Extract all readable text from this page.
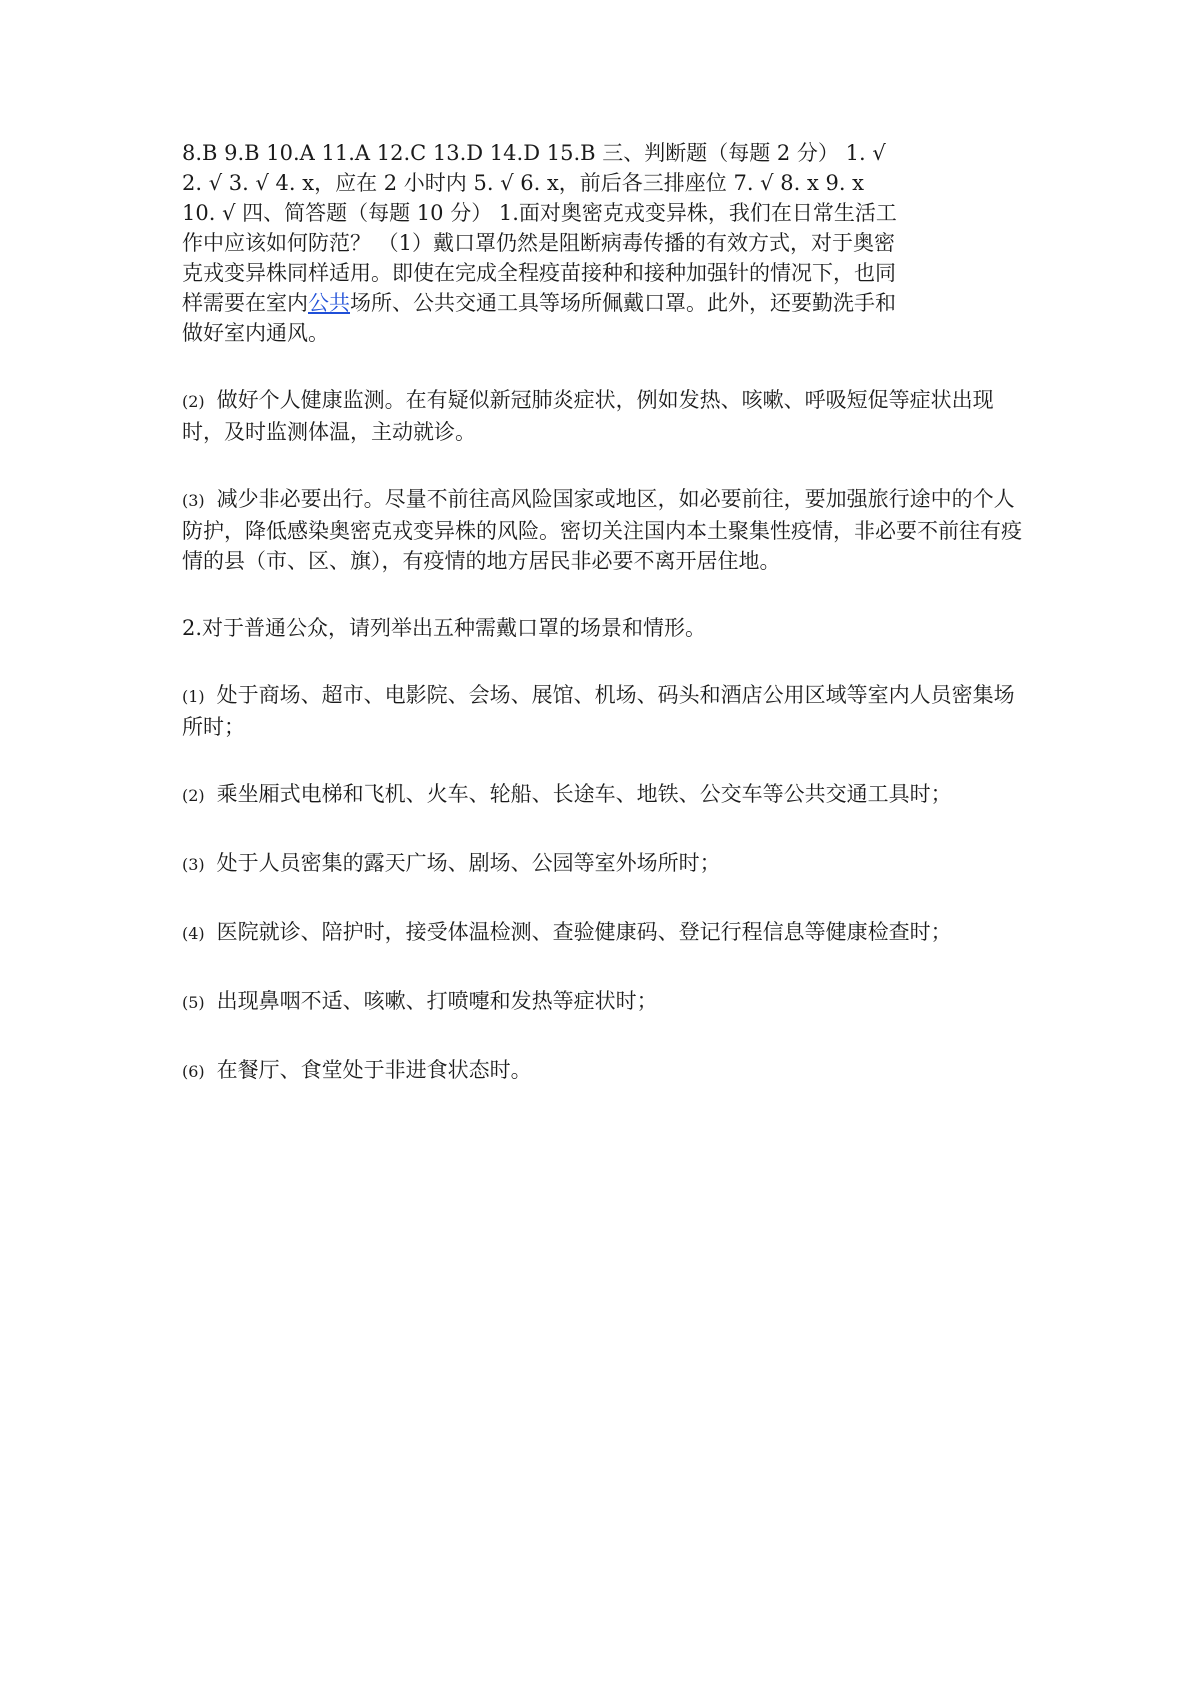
8.B 9.B 10.A 11.A 12.C 13.D 14.D 15.B 三、判断题（每题 2 分） 1. √
2. √ 3. √ 4. x，应在 2 小时内 5. √ 6. x，前后各三排座位 7. √ 8. x 9. x
10. √ 四、简答题（每题 10 分） 1.面对奥密克戎变异株，我们在日常生活工
作中应该如何防范？ （1）戴口罩仍然是阻断病毒传播的有效方式，对于奥密
克戎变异株同样适用。即使在完成全程疫苗接种和接种加强针的情况下，也同
样需要在室内公共场所、公共交通工具等场所佩戴口罩。此外，还要勤洗手和
做好室内通风。

(2) 做好个人健康监测。在有疑似新冠肺炎症状，例如发热、咳嗽、呼吸短促等症状出现时，及时监测体温，主动就诊。

(3) 减少非必要出行。尽量不前往高风险国家或地区，如必要前往，要加强旅行途中的个人防护，降低感染奥密克戎变异株的风险。密切关注国内本土聚集性疫情，非必要不前往有疫情的县（市、区、旗），有疫情的地方居民非必要不离开居住地。

2.对于普通公众，请列举出五种需戴口罩的场景和情形。

(1) 处于商场、超市、电影院、会场、展馆、机场、码头和酒店公用区域等室内人员密集场所时；

(2) 乘坐厢式电梯和飞机、火车、轮船、长途车、地铁、公交车等公共交通工具时；

(3) 处于人员密集的露天广场、剧场、公园等室外场所时；

(4) 医院就诊、陪护时，接受体温检测、查验健康码、登记行程信息等健康检查时；

(5) 出现鼻咽不适、咳嗽、打喷嚏和发热等症状时；

(6) 在餐厅、食堂处于非进食状态时。
